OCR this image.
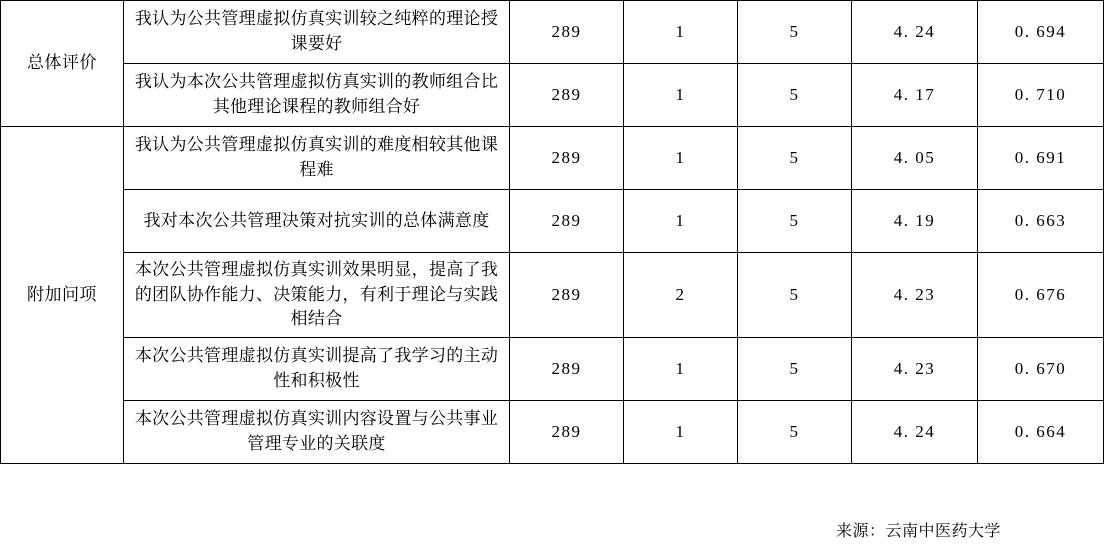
总体评价	我认为公共管理虚拟仿真实训较之纯粹的理论授课要好	289	1	5	4. 24	0. 694
	我认为本次公共管理虚拟仿真实训的教师组合比其他理论课程的教师组合好	289	1	5	4. 17	0. 710
附加问项	我认为公共管理虚拟仿真实训的难度相较其他课程难	289	1	5	4. 05	0. 691
	我对本次公共管理决策对抗实训的总体满意度	289	1	5	4. 19	0. 663
	本次公共管理虚拟仿真实训效果明显，提高了我的团队协作能力、决策能力，有利于理论与实践相结合	289	2	5	4. 23	0. 676
	本次公共管理虚拟仿真实训提高了我学习的主动性和积极性	289	1	5	4. 23	0. 670
	本次公共管理虚拟仿真实训内容设置与公共事业管理专业的关联度	289	1	5	4. 24	0. 664
来源：云南中医药大学
